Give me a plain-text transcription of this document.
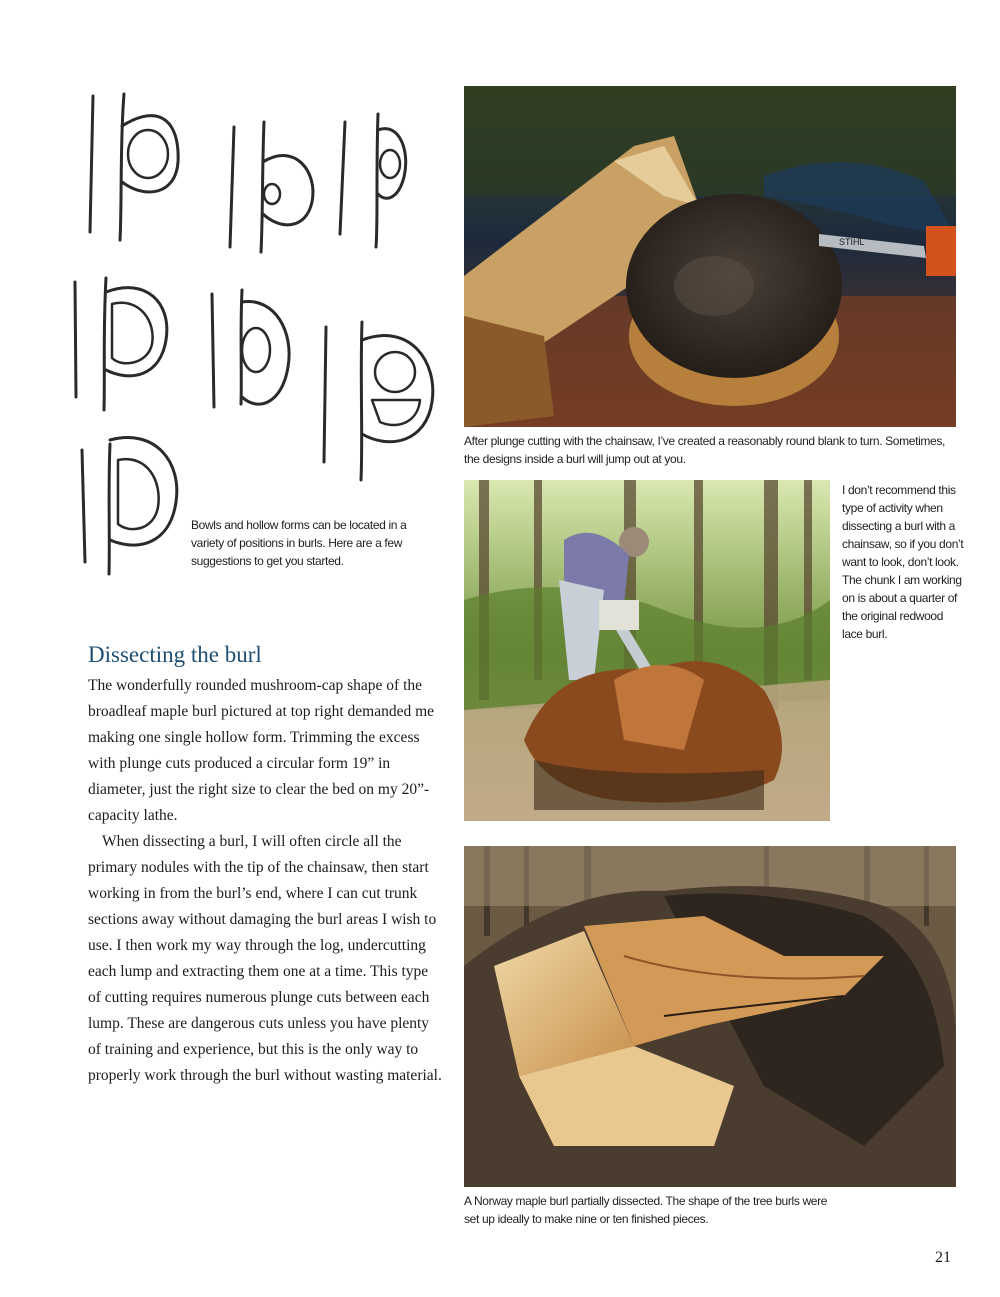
Bowls and hollow forms can be located in a variety of positions in burls. Here are a few suggestions to get you started.
STIHL
After plunge cutting with the chainsaw, I’ve created a reasonably round blank to turn. Sometimes,
the designs inside a burl will jump out at you.
I don’t recommend this type of activity when dissecting a burl with a chainsaw, so if you don’t want to look, don’t look. The chunk I am working on is about a quarter of the original redwood lace burl.
Dissecting the burl

The wonderfully rounded mushroom-cap shape of the broadleaf maple burl pictured at top right demanded me making one single hollow form. Trimming the excess with plunge cuts produced a circular form 19” in diameter, just the right size to clear the bed on my 20”-capacity lathe.

When dissecting a burl, I will often circle all the primary nodules with the tip of the chainsaw, then start working in from the burl’s end, where I can cut trunk sections away without damaging the burl areas I wish to use. I then work my way through the log, undercutting each lump and extracting them one at a time. This type of cutting requires numerous plunge cuts between each lump. These are dangerous cuts unless you have plenty of training and experience, but this is the only way to properly work through the burl without wasting material.

A Norway maple burl partially dissected. The shape of the tree burls were
set up ideally to make nine or ten finished pieces.
21
